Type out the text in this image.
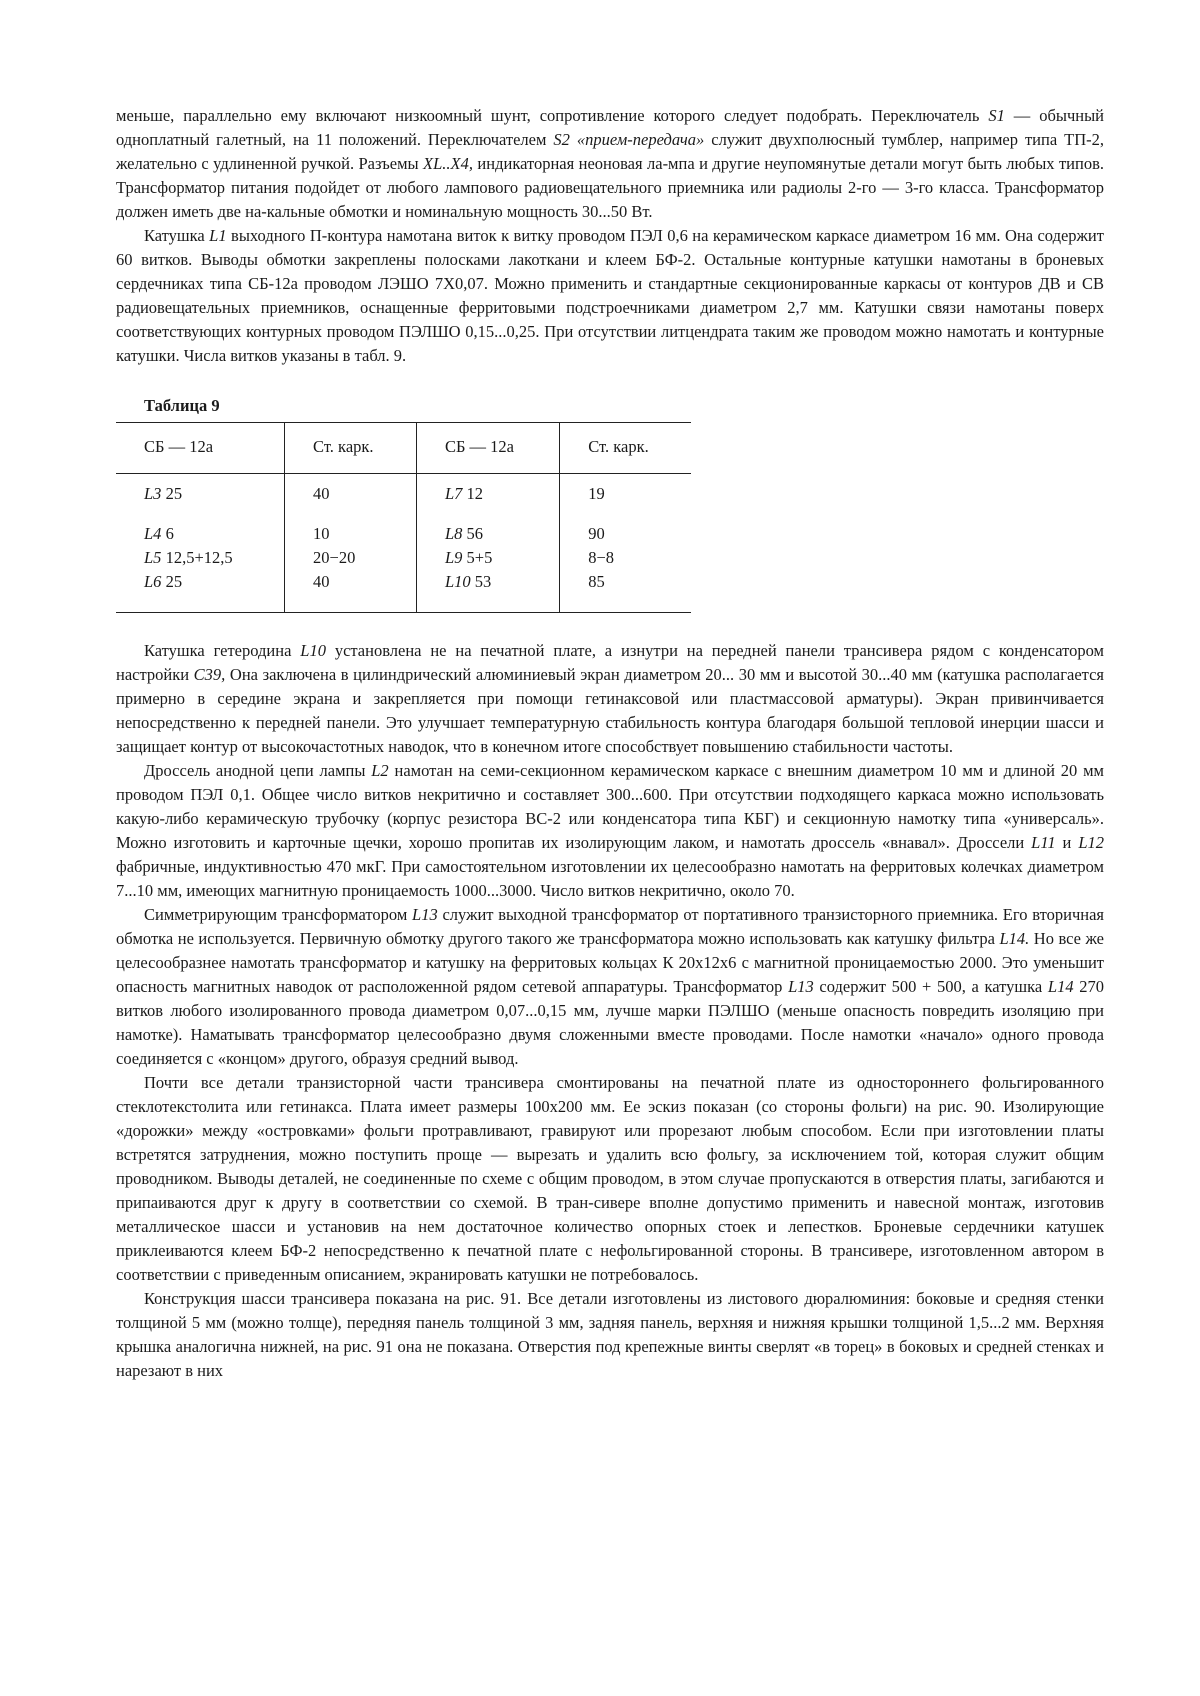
меньше, параллельно ему включают низкоомный шунт, сопротивление которого следует подобрать. Переключатель S1 — обычный однoплатный галетный, на 11 положений. Переключателем S2 «прием-передача» служит двухполюсный тумблер, например типа ТП-2, желательно с удлиненной ручкой. Разъемы XL..X4, индикаторная неоновая ла-мпа и другие неупомянутые детали могут быть любых типов. Трансформатор питания подойдет от любого лампового радиовещательного приемника или радиолы 2-го — 3-го класса. Трансформатор должен иметь две на-кальные обмотки и номинальную мощность 30...50 Вт.

Катушка L1 выходного П-контура намотана виток к витку проводом ПЭЛ 0,6 на керамическом каркасе диаметром 16 мм. Она содержит 60 витков. Выводы обмотки закреплены полосками лакоткани и клеем БФ-2. Остальные контурные катушки намотаны в броневых сердечниках типа СБ-12а проводом ЛЭШО 7Х0,07. Можно применить и стандартные секционированные каркасы от контуров ДВ и СВ радиовещательных приемников, оснащенные ферритовыми подстроечниками диаметром 2,7 мм. Катушки связи намотаны поверх соответствующих контурных проводом ПЭЛШО 0,15...0,25. При отсутствии литцендрата таким же проводом можно намотать и контурные катушки. Числа витков указаны в табл. 9.

Таблица 9
СБ — 12а	Ст. карк.	СБ — 12а	Ст. карк.
L3 25	40	L7 12	19
L4 6	10	L8 56	90
L5 12,5+12,5	20−20	L9 5+5	8−8
L6 25	40	L10 53	85

Катушка гетеродина L10 установлена не на печатной плате, а изнутри на передней панели трансивера рядом с конденсатором настройки С39, Она заключена в цилиндрический алюминиевый экран диаметром 20... 30 мм и высотой 30...40 мм (катушка располагается примерно в середине экрана и закрепляется при помощи гетинаксовой или пластмассовой арматуры). Экран привинчивается непосредственно к передней панели. Это улучшает температурную стабильность контура благодаря большой тепловой инерции шасси и защищает контур от высокочастотных наводок, что в конечном итоге способствует повышению стабильности частоты.

Дроссель анодной цепи лампы L2 намотан на семи-секционном керамическом каркасе с внешним диаметром 10 мм и длиной 20 мм проводом ПЭЛ 0,1. Общее число витков некритично и составляет 300...600. При отсутствии подходящего каркаса можно использовать какую-либо керамическую трубочку (корпус резистора ВС-2 или конденсатора типа КБГ) и секционную намотку типа «универсаль». Можно изготовить и карточные щечки, хорошо пропитав их изолирующим лаком, и намотать дроссель «внавал». Дроссели L11 и L12 фабричные, индуктивностью 470 мкГ. При самостоятельном изготовлении их целесообразно намотать на ферритовых колечках диаметром 7...10 мм, имеющих магнитную проницаемость 1000...3000. Число витков некритично, около 70.

Симметрирующим трансформатором L13 служит выходной трансформатор от портативного транзисторного приемника. Его вторичная обмотка не используется. Первичную обмотку другого такого же трансформатора можно использовать как катушку фильтра L14. Но все же целесообразнее намотать трансформатор и катушку на ферритовых кольцах К 20х12х6 с магнитной проницаемостью 2000. Это уменьшит опасность магнитных наводок от расположенной рядом сетевой аппаратуры. Трансформатор L13 содержит 500 + 500, а катушка L14 270 витков любого изолированного провода диаметром 0,07...0,15 мм, лучше марки ПЭЛШО (меньше опасность повредить изоляцию при намотке). Наматывать трансформатор целесообразно двумя сложенными вместе проводами. После намотки «начало» одного провода соединяется с «концом» другого, образуя средний вывод.

Почти все детали транзисторной части трансивера смонтированы на печатной плате из одностороннего фольгированного стеклотекстолита или гетинакса. Плата имеет размеры 100х200 мм. Ее эскиз показан (со стороны фольги) на рис. 90. Изолирующие «дорожки» между «островками» фольги протравливают, гравируют или прорезают любым способом. Если при изготовлении платы встретятся затруднения, можно поступить проще — вырезать и удалить всю фольгу, за исключением той, которая служит общим проводником. Выводы деталей, не соединенные по схеме с общим проводом, в этом случае пропускаются в отверстия платы, загибаются и припаиваются друг к другу в соответствии со схемой. В тран-сивере вполне допустимо применить и навесной монтаж, изготовив металлическое шасси и установив на нем достаточное количество опорных стоек и лепестков. Броневые сердечники катушек приклеиваются клеем БФ-2 непосредственно к печатной плате с нефольгированной стороны. В трансивере, изготовленном автором в соответствии с приведенным описанием, экранировать катушки не потребовалось.

Конструкция шасси трансивера показана на рис. 91. Все детали изготовлены из листового дюралюминия: боковые и средняя стенки толщиной 5 мм (можно толще), передняя панель толщиной 3 мм, задняя панель, верхняя и нижняя крышки толщиной 1,5...2 мм. Верхняя крышка аналогична нижней, на рис. 91 она не показана. Отверстия под крепежные винты сверлят «в торец» в боковых и средней стенках и нарезают в них
